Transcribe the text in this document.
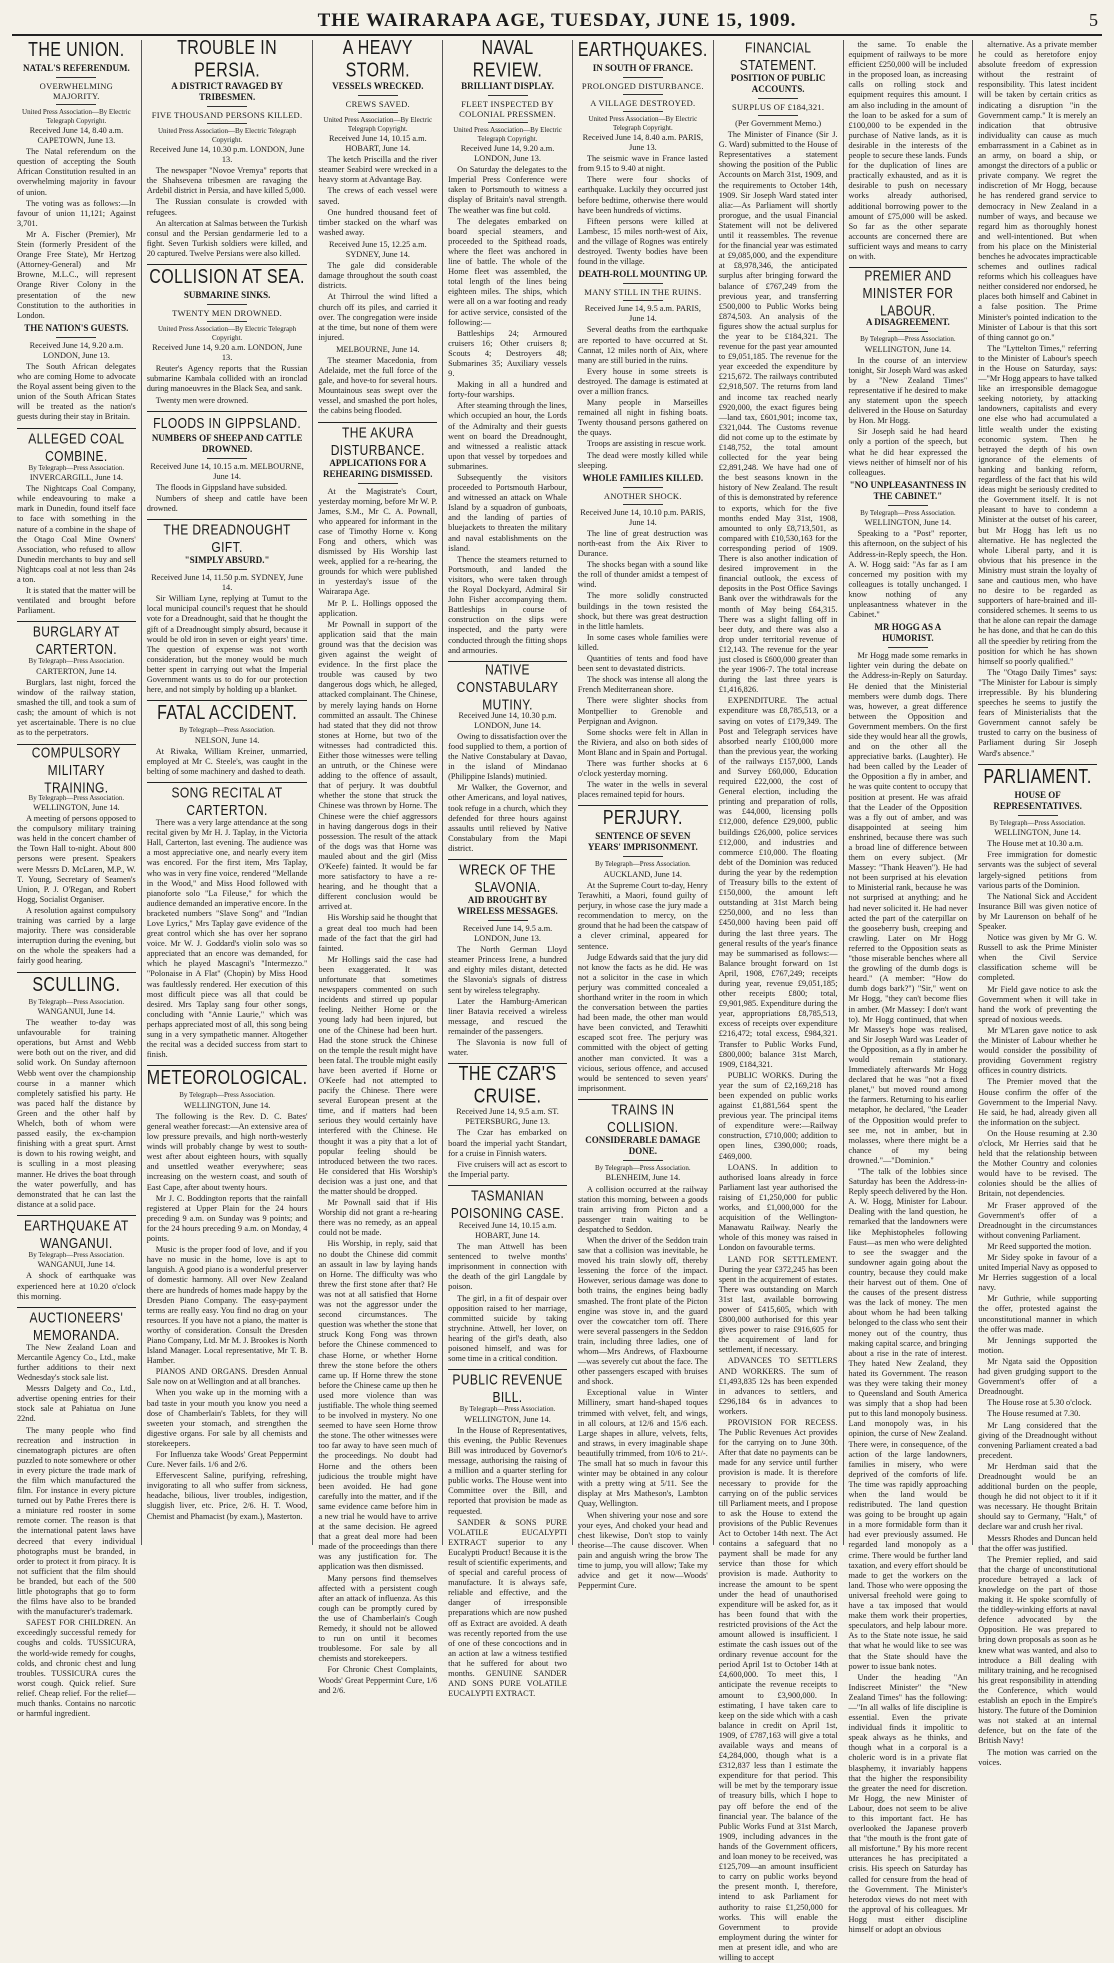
THE WAIRARAPA AGE, TUESDAY, JUNE 15, 1909.	5
THE UNION.
NATAL'S REFERENDUM.
OVERWHELMING MAJORITY.
United Press Association—By Electric Telegraph Copyright.
Received June 14, 8.40 a.m. CAPETOWN, June 13.

The Natal referendum on the question of accepting the South African Constitution resulted in an overwhelming majority in favour of union.

The voting was as follows:—In favour of union 11,121; Against 3,701.

Mr A. Fischer (Premier), Mr Stein (formerly President of the Orange Free State), Mr Hertzog (Attorney-General) and Mr Browne, M.L.C., will represent Orange River Colony in the presentation of the new Constitution to the authorities in London.

THE NATION'S GUESTS.
Received June 14, 9.20 a.m. LONDON, June 13.

The South African delegates who are coming Home to advocate the Royal assent being given to the union of the South African States will be treated as the nation's guests during their stay in Britain.

ALLEGED COAL COMBINE.
By Telegraph—Press Association.
INVERCARGILL, June 14.

The Nightcaps Coal Company, while endeavouring to make a mark in Dunedin, found itself face to face with something in the nature of a combine in the shape of the Otago Coal Mine Owners' Association, who refused to allow Dunedin merchants to buy and sell Nightcaps coal at not less than 24s a ton.

It is stated that the matter will be ventilated and brought before Parliament.

BURGLARY AT CARTERTON.
By Telegraph—Press Association.
CARTERTON, June 14.

Burglars, last night, forced the window of the railway station, smashed the till, and took a sum of cash; the amount of which is not yet ascertainable. There is no clue as to the perpetrators.

COMPULSORY MILITARY TRAINING.
By Telegraph—Press Association.
WELLINGTON, June 14.

A meeting of persons opposed to the compulsory military training was held in the concert chamber of the Town Hall to-night. About 800 persons were present. Speakers were Messrs D. McLaren, M.P., W. T. Young, Secretary of Seamen's Union, P. J. O'Regan, and Robert Hogg, Socialist Organiser.

A resolution against compulsory training was carried by a large majority. There was considerable interruption during the evening, but on the whole the speakers had a fairly good hearing.

SCULLING.
By Telegraph—Press Association.
WANGANUI, June 14.

The weather to-day was unfavourable for training operations, but Arnst and Webb were both out on the river, and did solid work. On Sunday afternoon Webb went over the championship course in a manner which completely satisfied his party. He was paced half the distance by Green and the other half by Whelch, both of whom were passed easily, the ex-champion finishing with a great spurt. Arnst is down to his rowing weight, and is sculling in a most pleasing manner. He drives the boat through the water powerfully, and has demonstrated that he can last the distance at a solid pace.

EARTHQUAKE AT WANGANUI.
By Telegraph—Press Association.
WANGANUI, June 14.

A shock of earthquake was experienced here at 10.20 o'clock this morning.

AUCTIONEERS' MEMORANDA.

The New Zealand Loan and Mercantile Agency Co., Ltd., make further additions to their next Wednesday's stock sale list.

Messrs Dalgety and Co., Ltd., advertise opening entries for their stock sale at Pahiatua on June 22nd.

The many people who find recreation and instruction in cinematograph pictures are often puzzled to note somewhere or other in every picture the trade mark of the film which manufactured the film. For instance in every picture turned out by Pathe Freres there is a miniature red rooster in some remote corner. The reason is that the international patent laws have decreed that every individual photographs must be branded, in order to protect it from piracy. It is not sufficient that the film should be branded, but each of the 500 little photographs that go to form the films have also to be branded with the manufacturer's trademark.

SAFEST FOR CHILDREN. An exceedingly successful remedy for coughs and colds. TUSSICURA, the world-wide remedy for coughs, colds, and chronic chest and lung troubles. TUSSICURA cures the worst cough. Quick relief. Sure relief. Cheap relief. For the relief—much thanks. Contains no narcotic or harmful ingredient.

TROUBLE IN PERSIA.
A DISTRICT RAVAGED BY TRIBESMEN.
FIVE THOUSAND PERSONS KILLED.
United Press Association—By Electric Telegraph Copyright.
Received June 14, 10.30 p.m. LONDON, June 13.

The newspaper "Novoe Vremya" reports that the Shahsevena tribesmen are ravaging the Ardebil district in Persia, and have killed 5,000.

The Russian consulate is crowded with refugees.

An altercation at Salmas between the Turkish consul and the Persian gendarmerie led to a fight. Seven Turkish soldiers were killed, and 20 captured. Twelve Persians were also killed.

COLLISION AT SEA.
SUBMARINE SINKS.
TWENTY MEN DROWNED.
United Press Association—By Electric Telegraph Copyright.
Received June 14, 9.20 a.m. LONDON, June 13.

Reuter's Agency reports that the Russian submarine Kambala collided with an ironclad during manoeuvres in the Black Sea, and sank.

Twenty men were drowned.

FLOODS IN GIPPSLAND.
NUMBERS OF SHEEP AND CATTLE DROWNED.
Received June 14, 10.15 a.m. MELBOURNE, June 14.

The floods in Gippsland have subsided.

Numbers of sheep and cattle have been drowned.

THE DREADNOUGHT GIFT.
"SIMPLY ABSURD."
Received June 14, 11.50 p.m. SYDNEY, June 14.

Sir William Lyne, replying at Tumut to the local municipal council's request that he should vote for a Dreadnought, said that he thought the gift of a Dreadnought simply absurd, because it would be old iron in seven or eight years' time. The question of expense was not worth consideration, but the money would be much better spent in carrying out what the Imperial Government wants us to do for our protection here, and not simply by holding up a blanket.

FATAL ACCIDENT.
By Telegraph—Press Association.
NELSON, June 14.

At Riwaka, William Kreiner, unmarried, employed at Mr C. Steele's, was caught in the belting of some machinery and dashed to death.

SONG RECITAL AT CARTERTON.

There was a very large attendance at the song recital given by Mr H. J. Taplay, in the Victoria Hall, Carterton, last evening. The audience was a most appreciative one, and nearly every item was encored. For the first item, Mrs Taplay, who was in very fine voice, rendered "Mellande in the Wood," and Miss Hood followed with pianoforte solo "La Fileuse," for which the audience demanded an imperative encore. In the bracketed numbers "Slave Song" and "Indian Love Lyrics," Mrs Taplay gave evidence of the great control which she has over her soprano voice. Mr W. J. Goddard's violin solo was so appreciated that an encore was demanded, for which he played Mascagni's "Intermezzo." "Polonaise in A Flat" (Chopin) by Miss Hood was faultlessly rendered. Her execution of this most difficult piece was all that could be desired. Mrs Taplay sang four other songs, concluding with "Annie Laurie," which was perhaps appreciated most of all, this song being sung in a very sympathetic manner. Altogether the recital was a decided success from start to finish.

METEOROLOGICAL.
By Telegraph—Press Association.
WELLINGTON, June 14.

The following is the Rev. D. C. Bates' general weather forecast:—An extensive area of low pressure prevails, and high north-westerly winds will probably change by west to south-west after about eighteen hours, with squally and unsettled weather everywhere; seas increasing on the western coast, and south of East Cape, after about twenty hours.

Mr J. C. Boddington reports that the rainfall registered at Upper Plain for the 24 hours preceding 9 a.m. on Sunday was 9 points; and for the 24 hours preceding 9 a.m. on Monday, 4 points.

Music is the proper food of love, and if you have no music in the home, love is apt to languish. A good piano is a wonderful preserver of domestic harmony. All over New Zealand there are hundreds of homes made happy by the Dresden Piano Company. The easy-payment terms are really easy. You find no drag on your resources. If you have not a piano, the matter is worthy of consideration. Consult the Dresden Piano Company, Ltd. Mr M. J. Brookes is North Island Manager. Local representative, Mr T. B. Hamber.

PIANOS AND ORGANS. Dresden Annual Sale now on at Wellington and at all branches.

When you wake up in the morning with a bad taste in your mouth you know you need a dose of Chamberlain's Tablets, for they will sweeten your stomach, and strengthen the digestive organs. For sale by all chemists and storekeepers.

For Influenza take Woods' Great Peppermint Cure. Never fails. 1/6 and 2/6.

Effervescent Saline, purifying, refreshing, invigorating to all who suffer from sickness, headache, bilious, liver troubles, indigestion, sluggish liver, etc. Price, 2/6. H. T. Wood, Chemist and Phamacist (by exam.), Masterton.

A HEAVY STORM.
VESSELS WRECKED.
CREWS SAVED.
United Press Association—By Electric Telegraph Copyright.
Received June 14, 10.15 a.m. HOBART, June 14.

The ketch Priscilla and the river steamer Seabird were wrecked in a heavy storm at Advantage Bay.

The crews of each vessel were saved.

One hundred thousand feet of timber stacked on the wharf was washed away.

Received June 15, 12.25 a.m. SYDNEY, June 14.

The gale did considerable damage throughout the south coast districts.

At Thirroul the wind lifted a church off its piles, and carried it over. The congregation were inside at the time, but none of them were injured.

MELBOURNE, June 14.

The steamer Macedonia, from Adelaide, met the full force of the gale, and hove-to for several hours. Mountainous seas swept over the vessel, and smashed the port holes, the cabins being flooded.

THE AKURA DISTURBANCE.
APPLICATIONS FOR A REHEARING DISMISSED.

At the Magistrate's Court, yesterday morning, before Mr W. P. James, S.M., Mr C. A. Pownall, who appeared for informant in the case of Timothy Horne v. Kong Fong and others, which was dismissed by His Worship last week, applied for a re-hearing, the grounds for which were published in yesterday's issue of the Wairarapa Age.

Mr P. L. Hollings opposed the application.

Mr Pownall in support of the application said that the main ground was that the decision was given against the weight of evidence. In the first place the trouble was caused by two dangerous dogs which, he alleged, attacked complainant. The Chinese, by merely laying hands on Horne committed an assault. The Chinese had stated that they did not throw stones at Horne, but two of the witnesses had contradicted this. Either those witnesses were telling an untruth, or the Chinese were adding to the offence of assault, that of perjury. It was doubtful whether the stone that struck the Chinese was thrown by Horne. The Chinese were the chief aggressors in having dangerous dogs in their possession. The result of the attack of the dogs was that Horne was mauled about and the girl (Miss O'Keefe) fainted. It would be far more satisfactory to have a re-hearing, and he thought that a different conclusion would be arrived at.

His Worship said he thought that a great deal too much had been made of the fact that the girl had fainted.

Mr Hollings said the case had been exaggerated. It was unfortunate that sometimes newspapers commented on such incidents and stirred up popular feeling. Neither Horne or the young lady had been injured, but one of the Chinese had been hurt. Had the stone struck the Chinese on the temple the result might have been fatal. The trouble might easily have been averted if Horne or O'Keefe had not attempted to pacify the Chinese. There were several European present at the time, and if matters had been serious they would certainly have interfered with the Chinese. He thought it was a pity that a lot of popular feeling should be introduced between the two races. He considered that His Worship's decision was a just one, and that the matter should be dropped.

Mr Pownall said that if His Worship did not grant a re-hearing there was no remedy, as an appeal could not be made.

His Worship, in reply, said that no doubt the Chinese did commit an assault in law by laying hands on Horne. The difficulty was who threw the first stone after that? He was not at all satisfied that Horne was not the aggressor under the second circumstances. The question was whether the stone that struck Kong Fong was thrown before the Chinese commenced to chase Horne, or whether Horne threw the stone before the others came up. If Horne threw the stone before the Chinese came up then he used more violence than was justifiable. The whole thing seemed to be involved in mystery. No one seemed to have seen Horne throw the stone. The other witnesses were too far away to have seen much of the proceedings. No doubt had Horne and the others been judicious the trouble might have been avoided. He had gone carefully into the matter, and if the same evidence came before him in a new trial he would have to arrive at the same decision. He agreed that a great deal more had been made of the proceedings than there was any justification for. The application was then dismissed.

Many persons find themselves affected with a persistent cough after an attack of influenza. As this cough can be promptly cured by the use of Chamberlain's Cough Remedy, it should not be allowed to run on until it becomes troublesome. For sale by all chemists and storekeepers.

For Chronic Chest Complaints, Woods' Great Peppermint Cure, 1/6 and 2/6.

NAVAL REVIEW.
BRILLIANT DISPLAY.
FLEET INSPECTED BY COLONIAL PRESSMEN.
United Press Association—By Electric Telegraph Copyright.
Received June 14, 9.20 a.m. LONDON, June 13.

On Saturday the delegates to the Imperial Press Conference were taken to Portsmouth to witness a display of Britain's naval strength. The weather was fine but cold.

The delegates embarked on board special steamers, and proceeded to the Spithead roads, where the fleet was anchored in line of battle. The whole of the Home fleet was assembled, the total length of the lines being eighteen miles. The ships, which were all on a war footing and ready for active service, consisted of the following:—

Battleships 24; Armoured cruisers 16; Other cruisers 8; Scouts 4; Destroyers 48; Submarines 35; Auxiliary vessels 9.

Making in all a hundred and forty-four warships.

After steaming through the lines, which occupied an hour, the Lords of the Admiralty and their guests went on board the Dreadnought, and witnessed a realistic attack upon that vessel by torpedoes and submarines.

Subsequently the visitors proceeded to Portsmouth Harbour, and witnessed an attack on Whale Island by a squadron of gunboats, and the landing of parties of bluejackets to threaten the military and naval establishments on the island.

Thence the steamers returned to Portsmouth, and landed the visitors, who were taken through the Royal Dockyard, Admiral Sir John Fisher accompanying them. Battleships in course of construction on the slips were inspected, and the party were conducted through the fitting shops and armouries.

NATIVE CONSTABULARY MUTINY.
Received June 14, 10.30 p.m. LONDON, June 14.

Owing to dissatisfaction over the food supplied to them, a portion of the Native Constabulary at Davao, in the island of Mindanao (Philippine Islands) mutinied.

Mr Walker, the Governor, and other Americans, and loyal natives, took refuge in a church, which they defended for three hours against assaults until relieved by Native Constabulary from the Mapi district.

WRECK OF THE SLAVONIA.
AID BROUGHT BY WIRELESS MESSAGES.
Received June 14, 9.5 a.m. LONDON, June 13.

The North German Lloyd steamer Princess Irene, a hundred and eighty miles distant, detected the Slavonia's signals of distress sent by wireless telegraphy.

Later the Hamburg-American liner Batavia received a wireless message, and rescued the remainder of the passengers.

The Slavonia is now full of water.

THE CZAR'S CRUISE.
Received June 14, 9.5 a.m. ST. PETERSBURG, June 13.

The Czar has embarked on board the imperial yacht Standart, for a cruise in Finnish waters.

Five cruisers will act as escort to the Imperial party.

TASMANIAN POISONING CASE.
Received June 14, 10.15 a.m. HOBART, June 14.

The man Attwell has been sentenced to twelve months' imprisonment in connection with the death of the girl Langdale by poison.

The girl, in a fit of despair over opposition raised to her marriage, committed suicide by taking strychnine. Attwell, her lover, on hearing of the girl's death, also poisoned himself, and was for some time in a critical condition.

PUBLIC REVENUE BILL.
By Telegraph—Press Association.
WELLINGTON, June 14.

In the House of Representatives, this evening, the Public Revenues Bill was introduced by Governor's message, authorising the raising of a million and a quarter sterling for public works. The House went into Committee over the Bill, and reported that provision be made as requested.

SANDER & SONS PURE VOLATILE EUCALYPTI EXTRACT superior to any Eucalypti Product! Because it is the result of scientific experiments, and of special and careful process of manufacture. It is always safe, reliable and effective, and the danger of irresponsible preparations which are now pushed off as Extract are avoided. A death was recently reported from the use of one of these concoctions and in an action at law a witness testified that he suffered for about two months. GENUINE SANDER AND SONS PURE VOLATILE EUCALYPTI EXTRACT.

EARTHQUAKES.
IN SOUTH OF FRANCE.
PROLONGED DISTURBANCE.
A VILLAGE DESTROYED.
United Press Association—By Electric Telegraph Copyright.
Received June 14, 8.40 a.m. PARIS, June 13.

The seismic wave in France lasted from 9.15 to 9.40 at night.

There were four shocks of earthquake. Luckily they occurred just before bedtime, otherwise there would have been hundreds of victims.

Fifteen persons were killed at Lambesc, 15 miles north-west of Aix, and the village of Rognes was entirely destroyed. Twenty bodies have been found in the village.

DEATH-ROLL MOUNTING UP.
MANY STILL IN THE RUINS.
Received June 14, 9.5 a.m. PARIS, June 14.

Several deaths from the earthquake are reported to have occurred at St. Cannat, 12 miles north of Aix, where many are still buried in the ruins.

Every house in some streets is destroyed. The damage is estimated at over a million francs.

Many people in Marseilles remained all night in fishing boats. Twenty thousand persons gathered on the quays.

Troops are assisting in rescue work.

The dead were mostly killed while sleeping.

WHOLE FAMILIES KILLED.
ANOTHER SHOCK.
Received June 14, 10.10 p.m. PARIS, June 14.

The line of great destruction was north-east from the Aix River to Durance.

The shocks began with a sound like the roll of thunder amidst a tempest of wind.

The more solidly constructed buildings in the town resisted the shock, but there was great destruction in the little hamlets.

In some cases whole families were killed.

Quantities of tents and food have been sent to devastated districts.

The shock was intense all along the French Mediterranean shore.

There were slighter shocks from Montpellier to Grenoble and Perpignan and Avignon.

Some shocks were felt in Allan in the Riviera, and also on both sides of Mont Blanc and in Spain and Portugal.

There was further shocks at 6 o'clock yesterday morning.

The water in the wells in several places remained tepid for hours.

PERJURY.
SENTENCE OF SEVEN YEARS' IMPRISONMENT.
By Telegraph—Press Association.
AUCKLAND, June 14.

At the Supreme Court to-day, Henry Terawhiti, a Maori, found guilty of perjury, in whose case the jury made a recommendation to mercy, on the ground that he had been the catspaw of a clever criminal, appeared for sentence.

Judge Edwards said that the jury did not know the facts as he did. He was not a solicitor in the case in which perjury was committed concealed a shorthand writer in the room in which the conversation between the parties had been made, the other man would have been convicted, and Terawhiti escaped scot free. The perjury was committed with the object of getting another man convicted. It was a vicious, serious offence, and accused would be sentenced to seven years' imprisonment.

TRAINS IN COLLISION.
CONSIDERABLE DAMAGE DONE.
By Telegraph—Press Association.
BLENHEIM, June 14.

A collision occurred at the railway station this morning, between a goods train arriving from Picton and a passenger train waiting to be despatched to Seddon.

When the driver of the Seddon train saw that a collision was inevitable, he moved his train slowly off, thereby lessening the force of the impact. However, serious damage was done to both trains, the engines being badly smashed. The front plate of the Picton engine was stove in, and the guard over the cowcatcher torn off. There were several passengers in the Seddon train, including three ladies, one of whom—Mrs Andrews, of Flaxbourne—was severely cut about the face. The other passengers escaped with bruises and shock.

Exceptional value in Winter Millinery, smart hand-shaped toques trimmed with velvet, felt, and wings, in all colours, at 12/6 and 15/6 each. Large shapes in allure, velvets, felts, and straws, in every imaginable shape beautifully trimmed, from 10/6 to 21/-. The small hat so much in favour this winter may be obtained in any colour with a pretty wing at 5/11. See the display at Mrs Matheson's, Lambton Quay, Wellington.

When shivering your nose and sore your eyes, And choked your head and chest likewise, Don't stop to vainly theorise—The cause discover. When pain and anguish wring the brow The time to jump, you will allow; Take my advice and get it now—Woods' Peppermint Cure.

FINANCIAL STATEMENT.
POSITION OF PUBLIC ACCOUNTS.
SURPLUS OF £184,321.
(Per Government Memo.)

The Minister of Finance (Sir J. G. Ward) submitted to the House of Representatives a statement showing the position of the Public Accounts on March 31st, 1909, and the requirements to October 14th, 1909. Sir Joseph Ward stated inter alia:—As Parliament will shortly prorogue, and the usual Financial Statement will not be delivered until it reassembles. The revenue for the financial year was estimated at £9,085,000, and the expenditure at £8,978,346, the anticipated surplus after bringing forward the balance of £767,249 from the previous year, and transferring £500,000 to Public Works being £874,503. An analysis of the figures show the actual surplus for the year to be £184,321. The revenue for the past year amounted to £9,051,185. The revenue for the year exceeded the expenditure by £215,672. The railways contributed £2,918,507. The returns from land and income tax reached nearly £920,000, the exact figures being—land tax, £601,901; income tax, £321,044. The Customs revenue did not come up to the estimate by £148,752, the total amount collected for the year being £2,891,248. We have had one of the best seasons known in the history of New Zealand. The result of this is demonstrated by reference to exports, which for the five months ended May 31st, 1908, amounted to only £8,713,501, as compared with £10,530,163 for the corresponding period of 1909. There is also another indication of desired improvement in the financial outlook, the excess of deposits in the Post Office Savings Bank over the withdrawals for the month of May being £64,315. There was a slight falling off in beer duty, and there was also a drop under territorial revenue of £12,143. The revenue for the year just closed is £600,000 greater than the year 1906-7. The total increase during the last three years is £1,416,826.

EXPENDITURE. The actual expenditure was £8,785,513, or a saving on votes of £179,349. The Post and Telegraph services have absorbed nearly £100,000 more than the previous year, the working of the railways £157,000, Lands and Survey £60,000, Education required £22,000, the cost of General election, including the printing and preparation of rolls, was £44,000, licensing polls £12,000, defence £29,000, public buildings £26,000, police services £12,000, and industries and commerce £10,000. The floating debt of the Dominion was reduced during the year by the redemption of Treasury bills to the extent of £150,000, the amount left outstanding at 31st March being £250,000, and no less than £450,000 having been paid off during the last three years. The general results of the year's finance may be summarised as follows:—Balance brought forward on 1st April, 1908, £767,249; receipts during year, revenue £9,051,185; other receipts £800; total, £9,901,985. Expenditure during the year, appropriations £8,785,513, excess of receipts over expenditure £216,472; total excess, £984,321. Transfer to Public Works Fund, £800,000; balance 31st March, 1909, £184,321.

PUBLIC WORKS. During the year the sum of £2,169,218 has been expended on public works against £1,881,564 spent the previous year. The principal items of expenditure were:—Railway construction, £710,000; addition to open lines, £390,000; roads, £469,000.

LOANS. In addition to authorised loans already in force Parliament last year authorised the raising of £1,250,000 for public works, and £1,000,000 for the acquisition of the Wellington-Manawatu Railway. Nearly the whole of this money was raised in London on favourable terms.

LAND FOR SETTLEMENT. During the year £372,245 has been spent in the acquirement of estates. There was outstanding on March 31st last, available borrowing power of £415,605, which with £800,000 authorised for this year gives power to raise £916,605 for the acquirement of land for settlement, if necessary.

ADVANCES TO SETTLERS AND WORKERS. The sum of £1,493,835 12s has been expended in advances to settlers, and £296,184 6s in advances to workers.

PROVISION FOR RECESS. The Public Revenues Act provides for the carrying on to June 30th. After that date no payments can be made for any service until further provision is made. It is therefore necessary to provide for the carrying on of the public services till Parliament meets, and I propose to ask the House to extend the provisions of the Public Revenues Act to October 14th next. The Act contains a safeguard that no payment shall be made for any service than those for which provision is made. Authority to increase the amount to be spent under the head of unauthorised expenditure will be asked for, as it has been found that with the restricted provisions of the Act the amount allowed is insufficient. I estimate the cash issues out of the ordinary revenue account for the period April 1st to October 14th at £4,600,000. To meet this, I anticipate the revenue receipts to amount to £3,900,000. In estimating, I have taken care to keep on the side which with a cash balance in credit on April 1st, 1909, of £787,163 will give a total available ways and means of £4,284,000, though what is a £312,837 less than I estimate the expenditure for that period. This will be met by the temporary issue of treasury bills, which I hope to pay off before the end of the financial year. The balance of the Public Works Fund at 31st March, 1909, including advances in the hands of the Government officers, and loan money to be received, was £125,709—an amount insufficient to carry on public works beyond the present month. I, therefore, intend to ask Parliament for authority to raise £1,250,000 for works. This will enable the Government to provide employment during the winter for men at present idle, and who are willing to accept

the same. To enable the equipment of railways to be more efficient £250,000 will be included in the proposed loan, as increasing calls on rolling stock and equipment requires this amount. I am also including in the amount of the loan to be asked for a sum of £100,000 to be expended in the purchase of Native lands, as it is desirable in the interests of the people to secure these lands. Funds for the duplication of lines are practically exhausted, and as it is desirable to push on necessary works already authorised, additional borrowing power to the amount of £75,000 will be asked. So far as the other separate accounts are concerned there are sufficient ways and means to carry on with.

PREMIER AND MINISTER FOR LABOUR.
A DISAGREEMENT.
By Telegraph—Press Association.
WELLINGTON, June 14.

In the course of an interview tonight, Sir Joseph Ward was asked by a "New Zealand Times" representative if he desired to make any statement upon the speech delivered in the House on Saturday by Hon. Mr Hogg.

Sir Joseph said he had heard only a portion of the speech, but what he did hear expressed the views neither of himself nor of his colleagues.

"NO UNPLEASANTNESS IN THE CABINET."
By Telegraph—Press Association.
WELLINGTON, June 14.

Speaking to a "Post" reporter, this afternoon, on the subject of his Address-in-Reply speech, the Hon. A. W. Hogg said: "As far as I am concerned my position with my colleagues is totally unchanged. I know nothing of any unpleasantness whatever in the Cabinet."

MR HOGG AS A HUMORIST.

Mr Hogg made some remarks in lighter vein during the debate on the Address-in-Reply on Saturday. He denied that the Ministerial members were dumb dogs. There was, however, a great difference between the Opposition and Government members. On the first side they would hear all the growls, and on the other all the appreciative barks. (Laughter). He had been called by the Leader of the Opposition a fly in amber, and he was quite content to occupy that position at present. He was afraid that the Leader of the Opposition was a fly out of amber, and was disappointed at seeing him enshrined, because there was such a broad line of difference between them on every subject. (Mr Massey: "Thank Heaven"). He had not been surprised at his elevation to Ministerial rank, because he was not surprised at anything; and he had never solicited it. He had never acted the part of the caterpillar on the gooseberry bush, creeping and crawling. Later on Mr Hogg referred to the Opposition seats as "those miserable benches where all the growling of the dumb dogs is heard." (A member: "How do dumb dogs bark?") "Sir," went on Mr Hogg, "they can't become flies in amber. (Mr Massey: I don't want to). Mr Hogg continued, that when Mr Massey's hope was realised, and Sir Joseph Ward was Leader of the Opposition, as a fly in amber he would remain stationary. Immediately afterwards Mr Hogg declared that he was "not a fixed planet," but moved round among the farmers. Returning to his earlier metaphor, he declared, "the Leader of the Opposition would prefer to see me, not in amber, but in molasses, where there might be a chance of my being drowned."—"Dominion."

"The talk of the lobbies since Saturday has been the Address-in-Reply speech delivered by the Hon. A. W. Hogg, Minister for Labour. Dealing with the land question, he remarked that the landowners were like Mephistopheles following Faust—as men who were delighted to see the swagger and the sundowner again going about the country, because they could make their harvest out of them. One of the causes of the present distress was the lack of money. The men about whom he had been talking belonged to the class who sent their money out of the country, thus making capital scarce, and bringing about a rise in the rate of interest. They hated New Zealand, they hated its Government. The reason was they were taking their money to Queensland and South America was simply that a shop had been put to this land monopoly business. Land monopoly was, in his opinion, the curse of New Zealand. There were, in consequence, of the action of the large landowners, families in misery, who were deprived of the comforts of life. The time was rapidly approaching when the land would be redistributed. The land question was going to be brought up again in a more formidable form than it had ever previously assumed. He regarded land monopoly as a crime. There would be further land taxation, and every effort should be made to get the workers on the land. Those who were opposing the universal freehold were going to have a tax imposed that would make them work their properties, speculators, and help labour more. As to the State note issue, he said that what he would like to see was that the State should have the power to issue bank notes.

Under the heading "An Indiscreet Minister" the "New Zealand Times" has the following:—"In all walks of life discipline is essential. Even the private individual finds it impolitic to speak always as he thinks, and though what in a corporal is a choleric word is in a private flat blasphemy, it invariably happens that the higher the responsibility the greater the need for discretion. Mr Hogg, the new Minister of Labour, does not seem to be alive to this important fact. He has overlooked the Japanese proverb that "the mouth is the front gate of all misfortune." By his more recent utterances he has precipitated a crisis. His speech on Saturday has called for censure from the head of the Government. The Minister's heterodox views do not meet with the approval of his colleagues. Mr Hogg must either discipline himself or adopt an obvious

alternative. As a private member he could as heretofore enjoy absolute freedom of expression without the restraint of responsibility. This latest incident will be taken by certain critics as indicating a disruption "in the Government camp." It is merely an indication that obtrusive individuality can cause as much embarrassment in a Cabinet as in an army, on board a ship, or amongst the directors of a public or private company. We regret the indiscretion of Mr Hogg, because he has rendered grand service to democracy in New Zealand in a number of ways, and because we regard him as thoroughly honest and well-intentioned. But when from his place on the Ministerial benches he advocates impracticable schemes and outlines radical reforms which his colleagues have neither considered nor endorsed, he places both himself and Cabinet in a false position. The Prime Minister's pointed indication to the Minister of Labour is that this sort of thing cannot go on."

The "Lyttelton Times," referring to the Minister of Labour's speech in the House on Saturday, says:—"Mr Hogg appears to have talked like an irresponsible demagogue seeking notoriety, by attacking landowners, capitalists and every one else who had accumulated a little wealth under the existing economic system. Then he betrayed the depth of his own ignorance of the elements of banking and banking reform, regardless of the fact that his wild ideas might be seriously credited to the Government itself. It is not pleasant to have to condemn a Minister at the outset of his career, but Mr Hogg has left us no alternative. He has neglected the whole Liberal party, and it is obvious that his presence in the Ministry must strain the loyalty of sane and cautious men, who have no desire to be regarded as supporters of hare-brained and ill-considered schemes. It seems to us that he alone can repair the damage he has done, and that he can do this all the speedier by retiring from the position for which he has shown himself so poorly qualified."

The "Otago Daily Times" says: "The Minister for Labour is simply irrepressible. By his blundering speeches he seems to justify the fears of Ministerialists that the Government cannot safely be trusted to carry on the business of Parliament during Sir Joseph Ward's absence."

PARLIAMENT.
HOUSE OF REPRESENTATIVES.
By Telegraph—Press Association.
WELLINGTON, June 14.

The House met at 10.30 a.m.

Free immigration for domestic servants was the subject of several largely-signed petitions from various parts of the Dominion.

The National Sick and Accident Insurance Bill was given notice of by Mr Laurenson on behalf of he Speaker.

Notice was given by Mr G. W. Russell to ask the Prime Minister when the Civil Service classification scheme will be completed.

Mr Field gave notice to ask the Government when it will take in hand the work of preventing the spread of noxious weeds.

Mr M'Laren gave notice to ask the Minister of Labour whether he would consider the possibility of providing Government registry offices in country districts.

The Premier moved that the House confirm the offer of the Government to the Imperial Navy. He said, he had, already given all the information on the subject.

On the House resuming at 2.30 o'clock, Mr Herries said that he held that the relationship between the Mother Country and colonies would have to be revised. The colonies should be the allies of Britain, not dependencies.

Mr Fraser approved of the Government's offer of a Dreadnought in the circumstances without convening Parliament.

Mr Reed supported the motion.

Mr Sidey spoke in favour of a united Imperial Navy as opposed to Mr Herries suggestion of a local navy.

Mr Guthrie, while supporting the offer, protested against the unconstitutional manner in which the offer was made.

Mr Jennings supported the motion.

Mr Ngata said the Opposition had given grudging support to the Government's offer of a Dreadnought.

The House rose at 5.30 o'clock.

The House resumed at 7.30.

Mr Lang considered that the giving of the Dreadnought without convening Parliament created a bad precedent.

Mr Herdman said that the Dreadnought would be an additional burden on the people, though he did not object to it if it was necessary. He thought Britain should say to Germany, "Halt," of declare war and crush her rival.

Messrs Rhodes and Duncan held that the offer was justified.

The Premier replied, and said that the charge of unconstitutional procedure betrayed a lack of knowledge on the part of those making it. He spoke scornfully of the tiddley-winking efforts at naval defence advocated by the Opposition. He was prepared to bring down proposals as soon as he knew what was wanted, and also to introduce a Bill dealing with military training, and he recognised his great responsibility in attending the Conference, which would establish an epoch in the Empire's history. The future of the Dominion was not staked at an internal defence, but on the fate of the British Navy!

The motion was carried on the voices.
